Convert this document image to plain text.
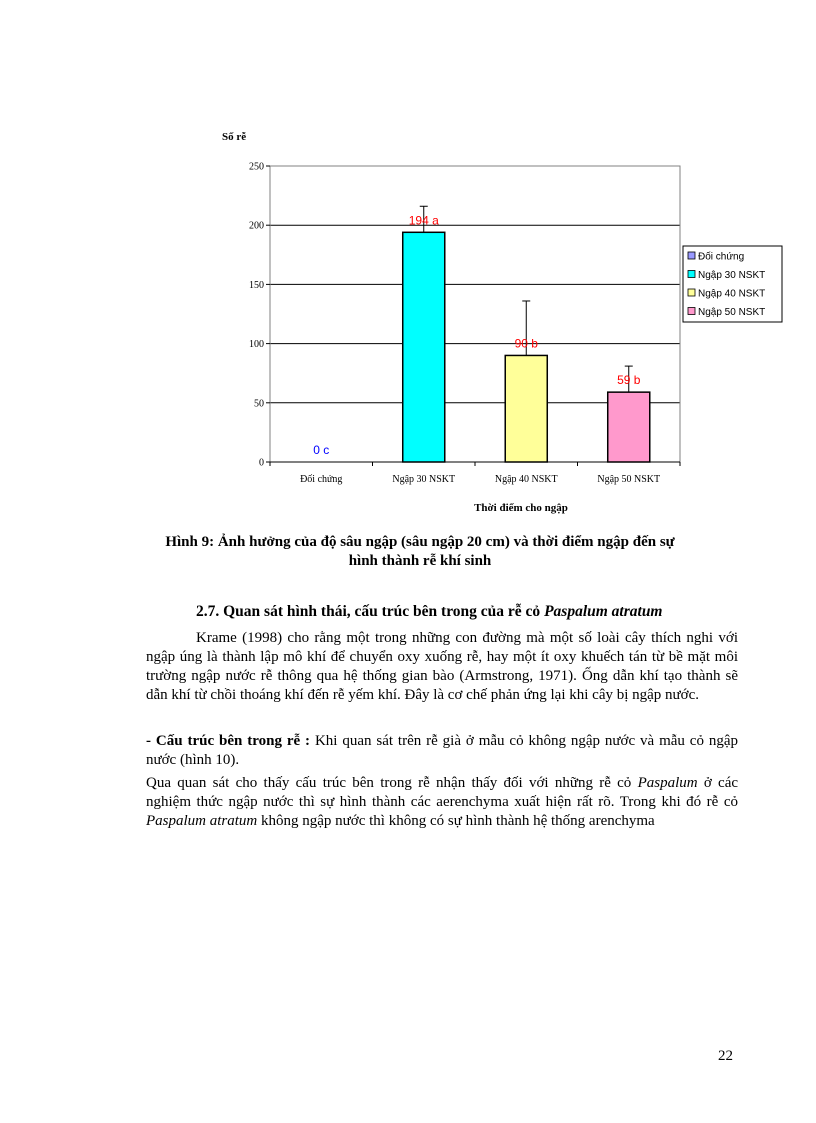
Số rễ
0
50
100
150
200
250
0 c
194 a
90 b
59 b
Đối chứng	Ngập 30 NSKT	Ngập 40 NSKT	Ngập 50 NSKT
Thời điểm cho ngập
Đối chứng
Ngập 30 NSKT
Ngập 40 NSKT
Ngập 50 NSKT
Hình 9: Ảnh hưởng của độ sâu ngập (sâu ngập 20 cm) và thời điểm ngập đến sự
hình thành rễ khí sinh
2.7. Quan sát hình thái, cấu trúc bên trong của rễ cỏ Paspalum atratum

Krame (1998) cho rằng một trong những con đường mà một số loài cây thích nghi với ngập úng là thành lập mô khí để chuyển oxy xuống rễ, hay một ít oxy khuếch tán từ bề mặt môi trường ngập nước rễ thông qua hệ thống gian bào (Armstrong, 1971). Ống dẫn khí tạo thành sẽ dẫn khí từ chồi thoáng khí đến rễ yếm khí. Đây là cơ chế phản ứng lại khi cây bị ngập nước.

- Cấu trúc bên trong rễ : Khi quan sát trên rễ già ở mẫu cỏ không ngập nước và mẫu cỏ ngập nước (hình 10).

Qua quan sát cho thấy cấu trúc bên trong rễ nhận thấy đối với những rễ cỏ Paspalum ở các nghiệm thức ngập nước thì sự hình thành các aerenchyma xuất hiện rất rõ. Trong khi đó rễ cỏ Paspalum atratum không ngập nước thì không có sự hình thành hệ thống arenchyma

22
